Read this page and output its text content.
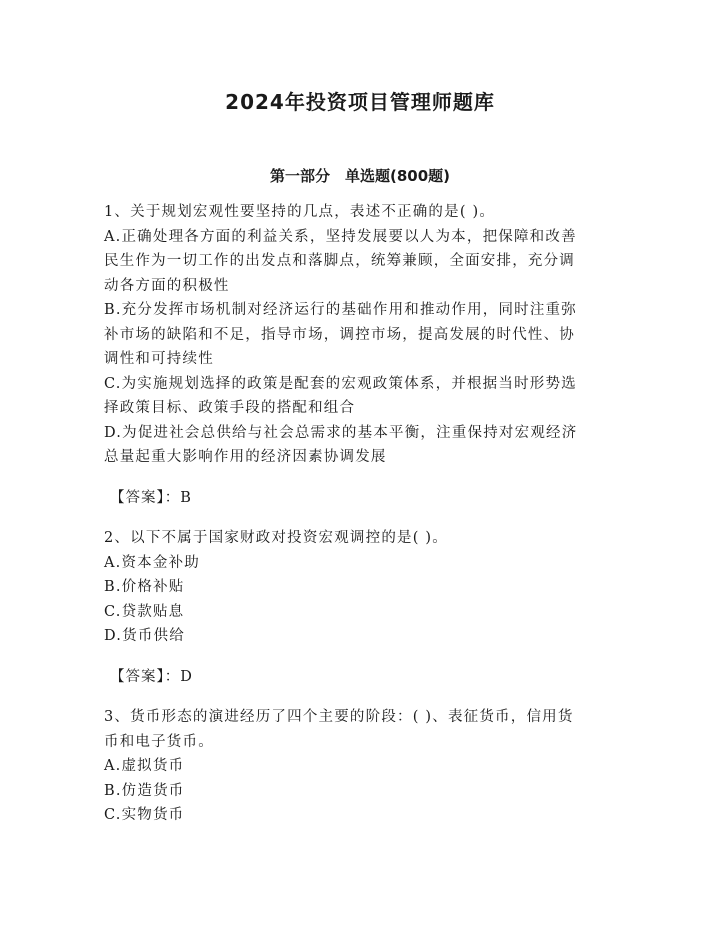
2024年投资项目管理师题库
第一部分　单选题(800题)
1、关于规划宏观性要坚持的几点，表述不正确的是( )。
A.正确处理各方面的利益关系，坚持发展要以人为本，把保障和改善
民生作为一切工作的出发点和落脚点，统筹兼顾，全面安排，充分调
动各方面的积极性
B.充分发挥市场机制对经济运行的基础作用和推动作用，同时注重弥
补市场的缺陷和不足，指导市场，调控市场，提高发展的时代性、协
调性和可持续性
C.为实施规划选择的政策是配套的宏观政策体系，并根据当时形势选
择政策目标、政策手段的搭配和组合
D.为促进社会总供给与社会总需求的基本平衡，注重保持对宏观经济
总量起重大影响作用的经济因素协调发展
【答案】：B
2、以下不属于国家财政对投资宏观调控的是( )。
A.资本金补助
B.价格补贴
C.贷款贴息
D.货币供给
【答案】：D
3、货币形态的演进经历了四个主要的阶段：( )、表征货币，信用货
币和电子货币。
A.虚拟货币
B.仿造货币
C.实物货币
